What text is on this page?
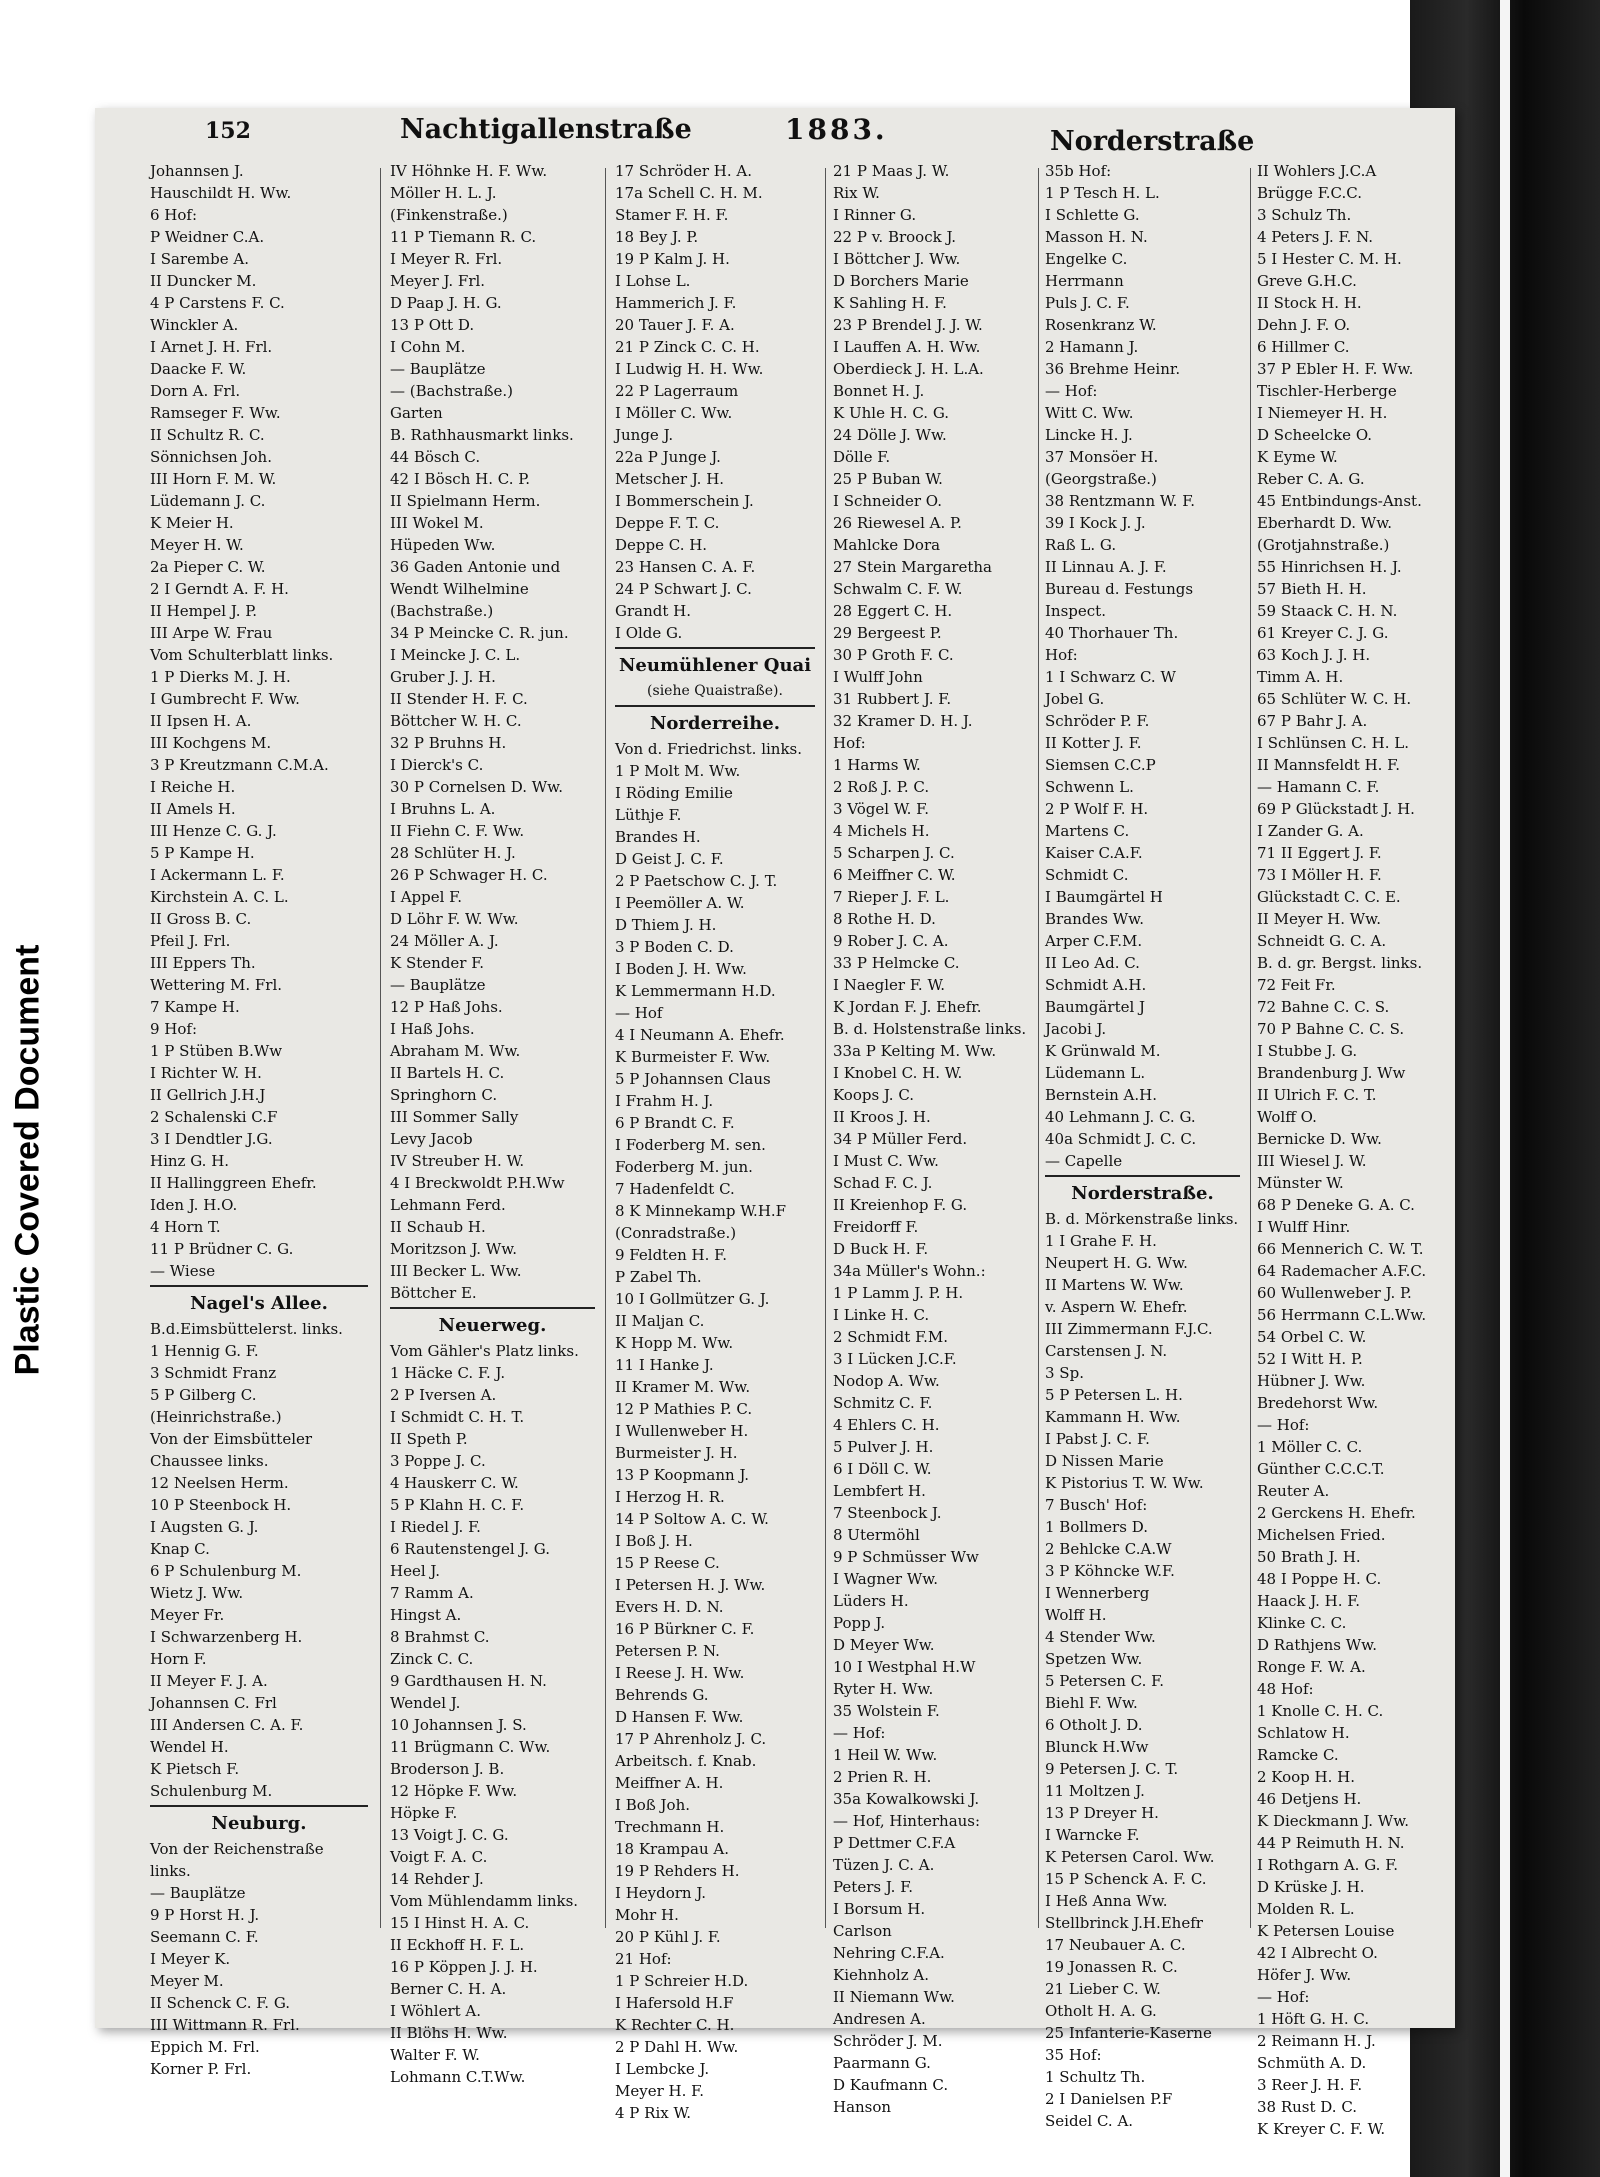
Plastic Covered Document
152	Nachtigallenstraße	1883.	Norderstraße
Johannsen J.
Hauschildt H. Ww.
6 Hof:
P Weidner C.A.
I Sarembe A.
II Duncker M.
4 P Carstens F. C.
Winckler A.
I Arnet J. H. Frl.
Daacke F. W.
Dorn A. Frl.
Ramseger F. Ww.
II Schultz R. C.
Sönnichsen Joh.
III Horn F. M. W.
Lüdemann J. C.
K Meier H.
Meyer H. W.
2a Pieper C. W.
2 I Gerndt A. F. H.
II Hempel J. P.
III Arpe W. Frau
Vom Schulterblatt links.
1 P Dierks M. J. H.
I Gumbrecht F. Ww.
II Ipsen H. A.
III Kochgens M.
3 P Kreutzmann C.M.A.
I Reiche H.
II Amels H.
III Henze C. G. J.
5 P Kampe H.
I Ackermann L. F.
Kirchstein A. C. L.
II Gross B. C.
Pfeil J. Frl.
III Eppers Th.
Wettering M. Frl.
7 Kampe H.
9 Hof:
1 P Stüben B.Ww
I Richter W. H.
II Gellrich J.H.J
2 Schalenski C.F
3 I Dendtler J.G.
Hinz G. H.
II Hallinggreen Ehefr.
Iden J. H.O.
4 Horn T.
11 P Brüdner C. G.
— Wiese
Nagel's Allee.
B.d.Eimsbüttelerst. links.
1 Hennig G. F.
3 Schmidt Franz
5 P Gilberg C.
(Heinrichstraße.)
Von der Eimsbütteler
Chaussee links.
12 Neelsen Herm.
10 P Steenbock H.
I Augsten G. J.
Knap C.
6 P Schulenburg M.
Wietz J. Ww.
Meyer Fr.
I Schwarzenberg H.
Horn F.
II Meyer F. J. A.
Johannsen C. Frl
III Andersen C. A. F.
Wendel H.
K Pietsch F.
Schulenburg M.
Neuburg.
Von der Reichenstraße
links.
— Bauplätze
9 P Horst H. J.
Seemann C. F.
I Meyer K.
Meyer M.
II Schenck C. F. G.
III Wittmann R. Frl.
Eppich M. Frl.
Korner P. Frl.
IV Höhnke H. F. Ww.
Möller H. L. J.
(Finkenstraße.)
11 P Tiemann R. C.
I Meyer R. Frl.
Meyer J. Frl.
D Paap J. H. G.
13 P Ott D.
I Cohn M.
— Bauplätze
— (Bachstraße.)
Garten
B. Rathhausmarkt links.
44 Bösch C.
42 I Bösch H. C. P.
II Spielmann Herm.
III Wokel M.
Hüpeden Ww.
36 Gaden Antonie und
Wendt Wilhelmine
(Bachstraße.)
34 P Meincke C. R. jun.
I Meincke J. C. L.
Gruber J. J. H.
II Stender H. F. C.
Böttcher W. H. C.
32 P Bruhns H.
I Dierck's C.
30 P Cornelsen D. Ww.
I Bruhns L. A.
II Fiehn C. F. Ww.
28 Schlüter H. J.
26 P Schwager H. C.
I Appel F.
D Löhr F. W. Ww.
24 Möller A. J.
K Stender F.
— Bauplätze
12 P Haß Johs.
I Haß Johs.
Abraham M. Ww.
II Bartels H. C.
Springhorn C.
III Sommer Sally
Levy Jacob
IV Streuber H. W.
4 I Breckwoldt P.H.Ww
Lehmann Ferd.
II Schaub H.
Moritzson J. Ww.
III Becker L. Ww.
Böttcher E.
Neuerweg.
Vom Gähler's Platz links.
1 Häcke C. F. J.
2 P Iversen A.
I Schmidt C. H. T.
II Speth P.
3 Poppe J. C.
4 Hauskerr C. W.
5 P Klahn H. C. F.
I Riedel J. F.
6 Rautenstengel J. G.
Heel J.
7 Ramm A.
Hingst A.
8 Brahmst C.
Zinck C. C.
9 Gardthausen H. N.
Wendel J.
10 Johannsen J. S.
11 Brügmann C. Ww.
Broderson J. B.
12 Höpke F. Ww.
Höpke F.
13 Voigt J. C. G.
Voigt F. A. C.
14 Rehder J.
Vom Mühlendamm links.
15 I Hinst H. A. C.
II Eckhoff H. F. L.
16 P Köppen J. J. H.
Berner C. H. A.
I Wöhlert A.
II Blöhs H. Ww.
Walter F. W.
Lohmann C.T.Ww.
17 Schröder H. A.
17a Schell C. H. M.
Stamer F. H. F.
18 Bey J. P.
19 P Kalm J. H.
I Lohse L.
Hammerich J. F.
20 Tauer J. F. A.
21 P Zinck C. C. H.
I Ludwig H. H. Ww.
22 P Lagerraum
I Möller C. Ww.
Junge J.
22a P Junge J.
Metscher J. H.
I Bommerschein J.
Deppe F. T. C.
Deppe C. H.
23 Hansen C. A. F.
24 P Schwart J. C.
Grandt H.
I Olde G.
Neumühlener Quai
(siehe Quaistraße).
Norderreihe.
Von d. Friedrichst. links.
1 P Molt M. Ww.
I Röding Emilie
Lüthje F.
Brandes H.
D Geist J. C. F.
2 P Paetschow C. J. T.
I Peemöller A. W.
D Thiem J. H.
3 P Boden C. D.
I Boden J. H. Ww.
K Lemmermann H.D.
— Hof
4 I Neumann A. Ehefr.
K Burmeister F. Ww.
5 P Johannsen Claus
I Frahm H. J.
6 P Brandt C. F.
I Foderberg M. sen.
Foderberg M. jun.
7 Hadenfeldt C.
8 K Minnekamp W.H.F
(Conradstraße.)
9 Feldten H. F.
P Zabel Th.
10 I Gollmützer G. J.
II Maljan C.
K Hopp M. Ww.
11 I Hanke J.
II Kramer M. Ww.
12 P Mathies P. C.
I Wullenweber H.
Burmeister J. H.
13 P Koopmann J.
I Herzog H. R.
14 P Soltow A. C. W.
I Boß J. H.
15 P Reese C.
I Petersen H. J. Ww.
Evers H. D. N.
16 P Bürkner C. F.
Petersen P. N.
I Reese J. H. Ww.
Behrends G.
D Hansen F. Ww.
17 P Ahrenholz J. C.
Arbeitsch. f. Knab.
Meiffner A. H.
I Boß Joh.
Trechmann H.
18 Krampau A.
19 P Rehders H.
I Heydorn J.
Mohr H.
20 P Kühl J. F.
21 Hof:
1 P Schreier H.D.
I Hafersold H.F
K Rechter C. H.
2 P Dahl H. Ww.
I Lembcke J.
Meyer H. F.
4 P Rix W.
21 P Maas J. W.
Rix W.
I Rinner G.
22 P v. Broock J.
I Böttcher J. Ww.
D Borchers Marie
K Sahling H. F.
23 P Brendel J. J. W.
I Lauffen A. H. Ww.
Oberdieck J. H. L.A.
Bonnet H. J.
K Uhle H. C. G.
24 Dölle J. Ww.
Dölle F.
25 P Buban W.
I Schneider O.
26 Riewesel A. P.
Mahlcke Dora
27 Stein Margaretha
Schwalm C. F. W.
28 Eggert C. H.
29 Bergeest P.
30 P Groth F. C.
I Wulff John
31 Rubbert J. F.
32 Kramer D. H. J.
Hof:
1 Harms W.
2 Roß J. P. C.
3 Vögel W. F.
4 Michels H.
5 Scharpen J. C.
6 Meiffner C. W.
7 Rieper J. F. L.
8 Rothe H. D.
9 Rober J. C. A.
33 P Helmcke C.
I Naegler F. W.
K Jordan F. J. Ehefr.
B. d. Holstenstraße links.
33a P Kelting M. Ww.
I Knobel C. H. W.
Koops J. C.
II Kroos J. H.
34 P Müller Ferd.
I Must C. Ww.
Schad F. C. J.
II Kreienhop F. G.
Freidorff F.
D Buck H. F.
34a Müller's Wohn.:
1 P Lamm J. P. H.
I Linke H. C.
2 Schmidt F.M.
3 I Lücken J.C.F.
Nodop A. Ww.
Schmitz C. F.
4 Ehlers C. H.
5 Pulver J. H.
6 I Döll C. W.
Lembfert H.
7 Steenbock J.
8 Utermöhl
9 P Schmüsser Ww
I Wagner Ww.
Lüders H.
Popp J.
D Meyer Ww.
10 I Westphal H.W
Ryter H. Ww.
35 Wolstein F.
— Hof:
1 Heil W. Ww.
2 Prien R. H.
35a Kowalkowski J.
— Hof, Hinterhaus:
P Dettmer C.F.A
Tüzen J. C. A.
Peters J. F.
I Borsum H.
Carlson
Nehring C.F.A.
Kiehnholz A.
II Niemann Ww.
Andresen A.
Schröder J. M.
Paarmann G.
D Kaufmann C.
Hanson
35b Hof:
1 P Tesch H. L.
I Schlette G.
Masson H. N.
Engelke C.
Herrmann
Puls J. C. F.
Rosenkranz W.
2 Hamann J.
36 Brehme Heinr.
— Hof:
Witt C. Ww.
Lincke H. J.
37 Monsöer H.
(Georgstraße.)
38 Rentzmann W. F.
39 I Kock J. J.
Raß L. G.
II Linnau A. J. F.
Bureau d. Festungs
Inspect.
40 Thorhauer Th.
Hof:
1 I Schwarz C. W
Jobel G.
Schröder P. F.
II Kotter J. F.
Siemsen C.C.P
Schwenn L.
2 P Wolf F. H.
Martens C.
Kaiser C.A.F.
Schmidt C.
I Baumgärtel H
Brandes Ww.
Arper C.F.M.
II Leo Ad. C.
Schmidt A.H.
Baumgärtel J
Jacobi J.
K Grünwald M.
Lüdemann L.
Bernstein A.H.
40 Lehmann J. C. G.
40a Schmidt J. C. C.
— Capelle
Norderstraße.
B. d. Mörkenstraße links.
1 I Grahe F. H.
Neupert H. G. Ww.
II Martens W. Ww.
v. Aspern W. Ehefr.
III Zimmermann F.J.C.
Carstensen J. N.
3 Sp.
5 P Petersen L. H.
Kammann H. Ww.
I Pabst J. C. F.
D Nissen Marie
K Pistorius T. W. Ww.
7 Busch' Hof:
1 Bollmers D.
2 Behlcke C.A.W
3 P Köhncke W.F.
I Wennerberg
Wolff H.
4 Stender Ww.
Spetzen Ww.
5 Petersen C. F.
Biehl F. Ww.
6 Otholt J. D.
Blunck H.Ww
9 Petersen J. C. T.
11 Moltzen J.
13 P Dreyer H.
I Warncke F.
K Petersen Carol. Ww.
15 P Schenck A. F. C.
I Heß Anna Ww.
Stellbrinck J.H.Ehefr
17 Neubauer A. C.
19 Jonassen R. C.
21 Lieber C. W.
Otholt H. A. G.
25 Infanterie-Kaserne
35 Hof:
1 Schultz Th.
2 I Danielsen P.F
Seidel C. A.
II Wohlers J.C.A
Brügge F.C.C.
3 Schulz Th.
4 Peters J. F. N.
5 I Hester C. M. H.
Greve G.H.C.
II Stock H. H.
Dehn J. F. O.
6 Hillmer C.
37 P Ebler H. F. Ww.
Tischler-Herberge
I Niemeyer H. H.
D Scheelcke O.
K Eyme W.
Reber C. A. G.
45 Entbindungs-Anst.
Eberhardt D. Ww.
(Grotjahnstraße.)
55 Hinrichsen H. J.
57 Bieth H. H.
59 Staack C. H. N.
61 Kreyer C. J. G.
63 Koch J. J. H.
Timm A. H.
65 Schlüter W. C. H.
67 P Bahr J. A.
I Schlünsen C. H. L.
II Mannsfeldt H. F.
— Hamann C. F.
69 P Glückstadt J. H.
I Zander G. A.
71 II Eggert J. F.
73 I Möller H. F.
Glückstadt C. C. E.
II Meyer H. Ww.
Schneidt G. C. A.
B. d. gr. Bergst. links.
72 Feit Fr.
72 Bahne C. C. S.
70 P Bahne C. C. S.
I Stubbe J. G.
Brandenburg J. Ww
II Ulrich F. C. T.
Wolff O.
Bernicke D. Ww.
III Wiesel J. W.
Münster W.
68 P Deneke G. A. C.
I Wulff Hinr.
66 Mennerich C. W. T.
64 Rademacher A.F.C.
60 Wullenweber J. P.
56 Herrmann C.L.Ww.
54 Orbel C. W.
52 I Witt H. P.
Hübner J. Ww.
Bredehorst Ww.
— Hof:
1 Möller C. C.
Günther C.C.C.T.
Reuter A.
2 Gerckens H. Ehefr.
Michelsen Fried.
50 Brath J. H.
48 I Poppe H. C.
Haack J. H. F.
Klinke C. C.
D Rathjens Ww.
Ronge F. W. A.
48 Hof:
1 Knolle C. H. C.
Schlatow H.
Ramcke C.
2 Koop H. H.
46 Detjens H.
K Dieckmann J. Ww.
44 P Reimuth H. N.
I Rothgarn A. G. F.
D Krüske J. H.
Molden R. L.
K Petersen Louise
42 I Albrecht O.
Höfer J. Ww.
— Hof:
1 Höft G. H. C.
2 Reimann H. J.
Schmüth A. D.
3 Reer J. H. F.
38 Rust D. C.
K Kreyer C. F. W.
